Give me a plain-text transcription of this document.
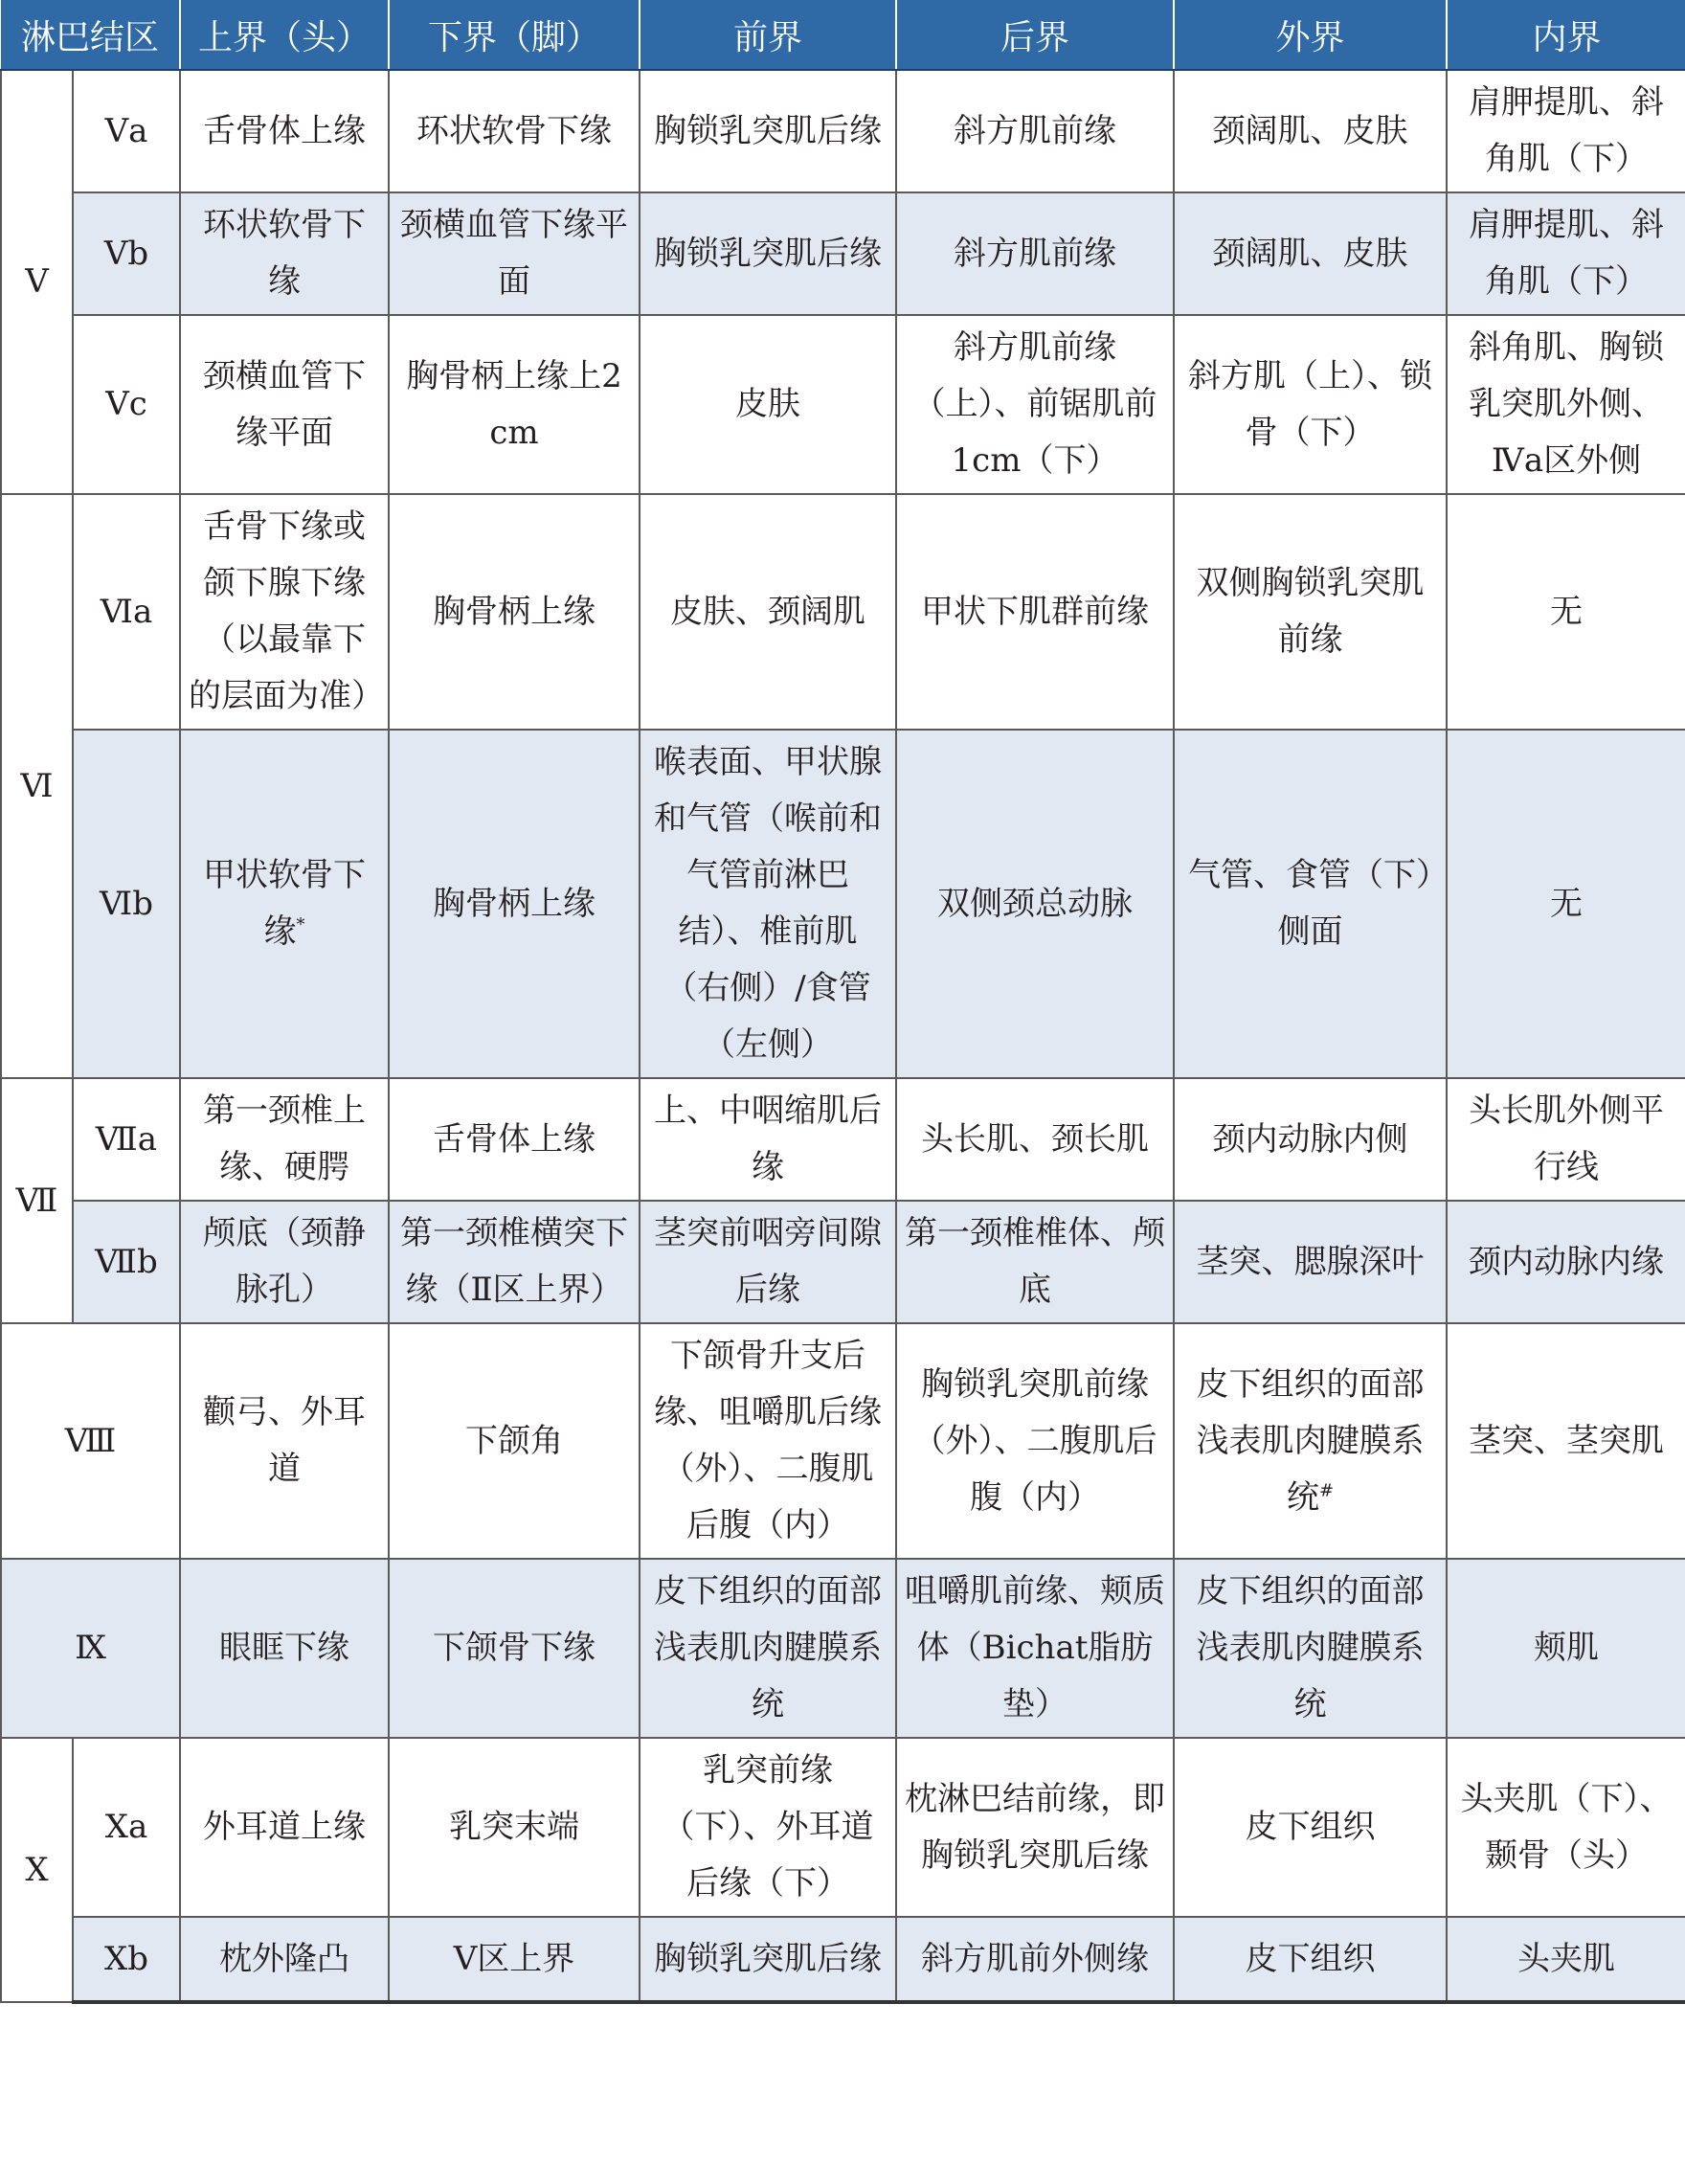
淋巴结区		上界（头）	下界（脚）	前界	后界	外界	内界
Ⅴ	Ⅴa	舌骨体上缘	环状软骨下缘	胸锁乳突肌后缘	斜方肌前缘	颈阔肌、皮肤	肩胛提肌、斜角肌（下）
	Ⅴb	环状软骨下缘	颈横血管下缘平面	胸锁乳突肌后缘	斜方肌前缘	颈阔肌、皮肤	肩胛提肌、斜角肌（下）
	Ⅴc	颈横血管下缘平面	胸骨柄上缘上2cm	皮肤	斜方肌前缘（上）、前锯肌前1cm（下）	斜方肌（上）、锁骨（下）	斜角肌、胸锁乳突肌外侧、Ⅳa区外侧
Ⅵ	Ⅵa	舌骨下缘或颌下腺下缘（以最靠下的层面为准）	胸骨柄上缘	皮肤、颈阔肌	甲状下肌群前缘	双侧胸锁乳突肌前缘	无
	Ⅵb	甲状软骨下缘*	胸骨柄上缘	喉表面、甲状腺和气管（喉前和气管前淋巴结）、椎前肌（右侧）/食管（左侧）	双侧颈总动脉	气管、食管（下）侧面	无
Ⅶ	Ⅶa	第一颈椎上缘、硬腭	舌骨体上缘	上、中咽缩肌后缘	头长肌、颈长肌	颈内动脉内侧	头长肌外侧平行线
	Ⅶb	颅底（颈静脉孔）	第一颈椎横突下缘（Ⅱ区上界）	茎突前咽旁间隙后缘	第一颈椎椎体、颅底	茎突、腮腺深叶	颈内动脉内缘
Ⅷ		颧弓、外耳道	下颌角	下颌骨升支后缘、咀嚼肌后缘（外）、二腹肌后腹（内）	胸锁乳突肌前缘（外）、二腹肌后腹（内）	皮下组织的面部浅表肌肉腱膜系统#	茎突、茎突肌
Ⅸ		眼眶下缘	下颌骨下缘	皮下组织的面部浅表肌肉腱膜系统	咀嚼肌前缘、颊质体（Bichat脂肪垫）	皮下组织的面部浅表肌肉腱膜系统	颊肌
Ⅹ	Ⅹa	外耳道上缘	乳突末端	乳突前缘（下）、外耳道后缘（下）	枕淋巴结前缘，即胸锁乳突肌后缘	皮下组织	头夹肌（下）、颞骨（头）
	Ⅹb	枕外隆凸	Ⅴ区上界	胸锁乳突肌后缘	斜方肌前外侧缘	皮下组织	头夹肌
